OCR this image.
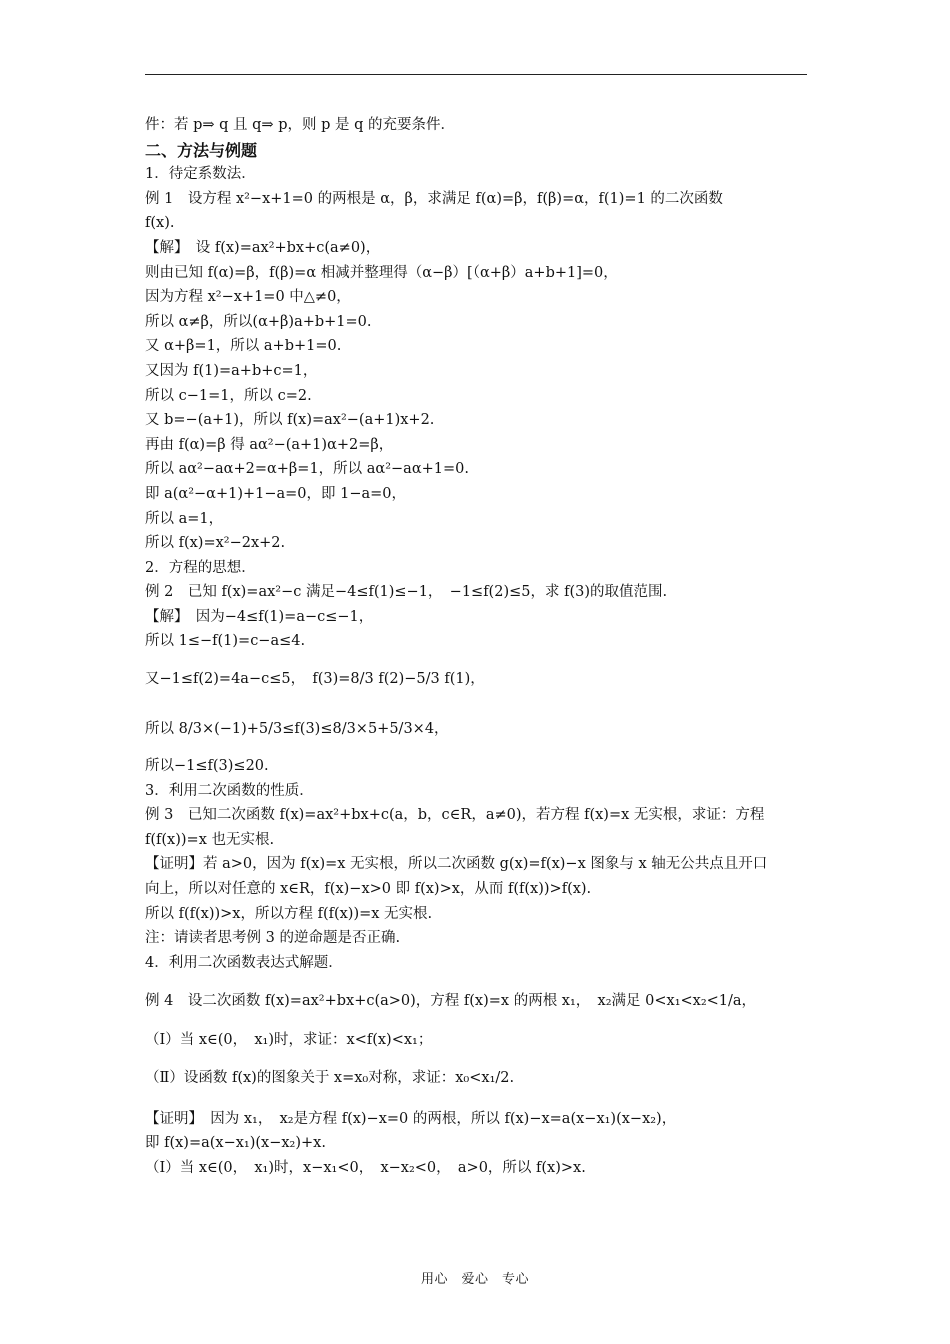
件：若 p⇒ q 且 q⇒ p，则 p 是 q 的充要条件．
二、方法与例题
1．待定系数法．
例 1　设方程 x²−x+1=0 的两根是 α，β，求满足 f(α)=β，f(β)=α，f(1)=1 的二次函数
f(x).
【解】　设 f(x)=ax²+bx+c(a≠0)，
则由已知 f(α)=β，f(β)=α 相减并整理得（α−β）[（α+β）a+b+1]=0，
因为方程 x²−x+1=0 中△≠0，
所以 α≠β，所以(α+β)a+b+1=0.
又 α+β=1，所以 a+b+1=0.
又因为 f(1)=a+b+c=1，
所以 c−1=1，所以 c=2.
又 b=−(a+1)，所以 f(x)=ax²−(a+1)x+2.
再由 f(α)=β 得 aα²−(a+1)α+2=β，
所以 aα²−aα+2=α+β=1，所以 aα²−aα+1=0.
即 a(α²−α+1)+1−a=0，即 1−a=0，
所以 a=1，
所以 f(x)=x²−2x+2.
2．方程的思想．
例 2　已知 f(x)=ax²−c 满足−4≤f(1)≤−1，　−1≤f(2)≤5，求 f(3)的取值范围.
【解】　因为−4≤f(1)=a−c≤−1，
所以 1≤−f(1)=c−a≤4.
又−1≤f(2)=4a−c≤5，　f(3)=8/3 f(2)−5/3 f(1)，
所以 8/3×(−1)+5/3≤f(3)≤8/3×5+5/3×4，
所以−1≤f(3)≤20.
3．利用二次函数的性质．
例 3　已知二次函数 f(x)=ax²+bx+c(a，b，c∈R，a≠0)，若方程 f(x)=x 无实根，求证：方程
f(f(x))=x 也无实根.
【证明】若 a>0，因为 f(x)=x 无实根，所以二次函数 g(x)=f(x)−x 图象与 x 轴无公共点且开口
向上，所以对任意的 x∈R，f(x)−x>0 即 f(x)>x，从而 f(f(x))>f(x).
所以 f(f(x))>x，所以方程 f(f(x))=x 无实根.
注：请读者思考例 3 的逆命题是否正确.
4．利用二次函数表达式解题．
例 4　设二次函数 f(x)=ax²+bx+c(a>0)，方程 f(x)=x 的两根 x₁，　x₂满足 0<x₁<x₂<1/a，
（Ⅰ）当 x∈(0，　x₁)时，求证：x<f(x)<x₁；
（Ⅱ）设函数 f(x)的图象关于 x=x₀对称，求证：x₀<x₁/2.
【证明】　因为 x₁，　x₂是方程 f(x)−x=0 的两根，所以 f(x)−x=a(x−x₁)(x−x₂)，
即 f(x)=a(x−x₁)(x−x₂)+x.
（Ⅰ）当 x∈(0，　x₁)时，x−x₁<0，　x−x₂<0，　a>0，所以 f(x)>x.
用心　爱心　专心
